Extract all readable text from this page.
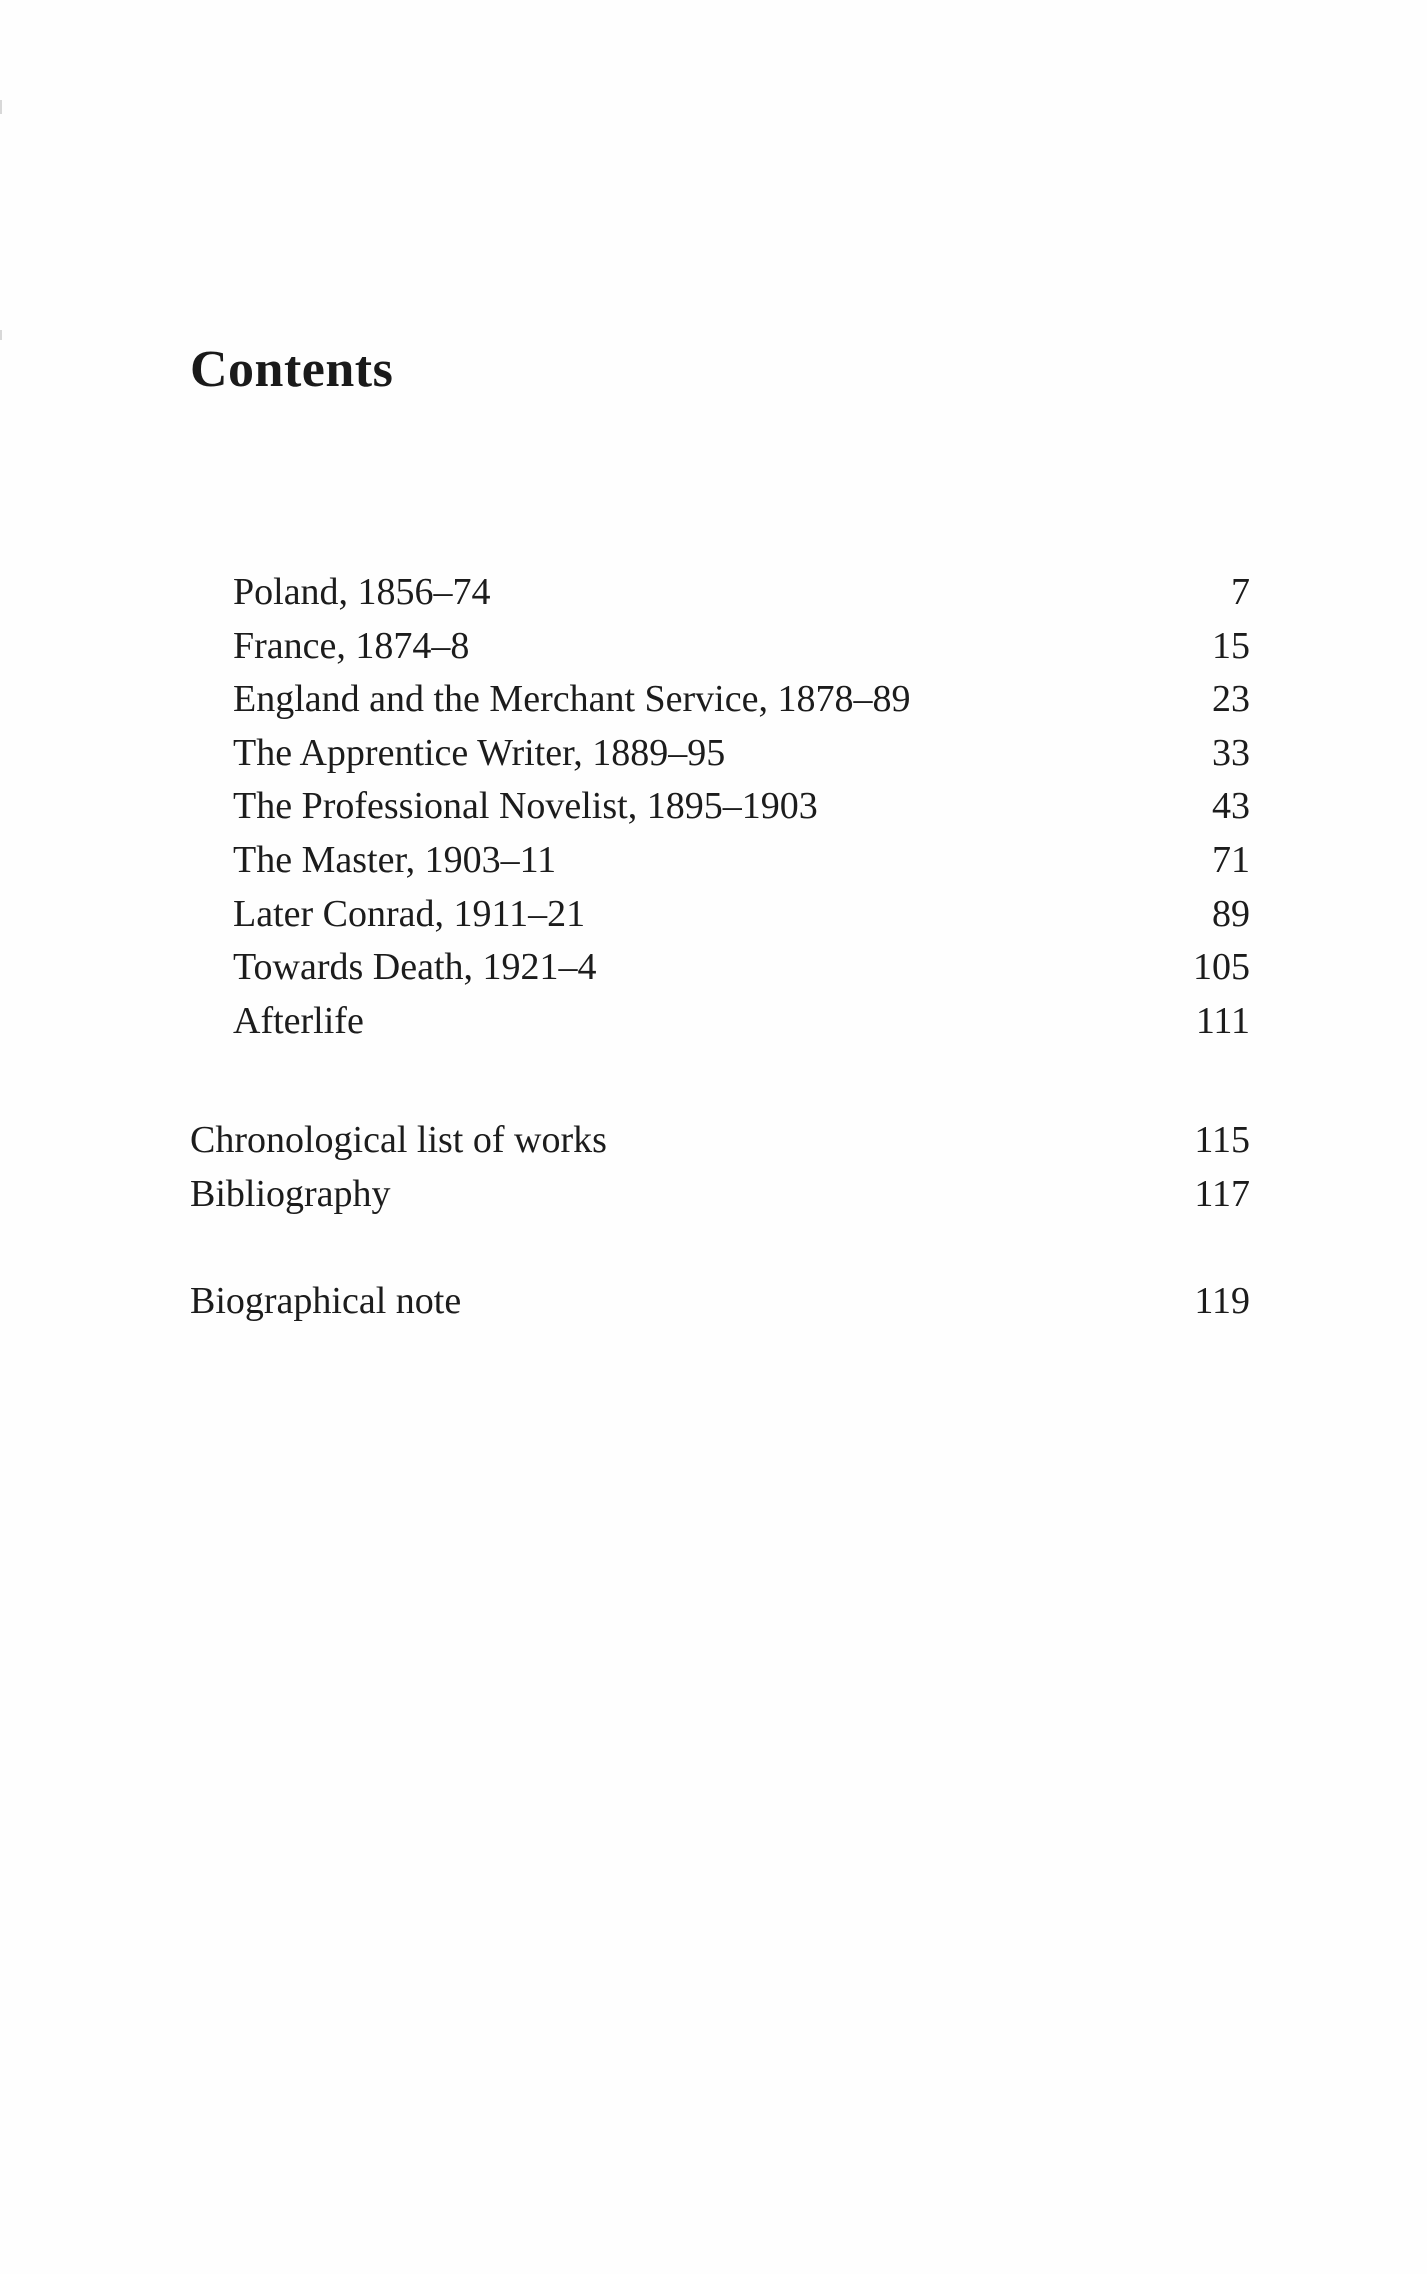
Contents
Poland, 1856–74	7
France, 1874–8	15
England and the Merchant Service, 1878–89	23
The Apprentice Writer, 1889–95	33
The Professional Novelist, 1895–1903	43
The Master, 1903–11	71
Later Conrad, 1911–21	89
Towards Death, 1921–4	105
Afterlife	111
Chronological list of works	115
Bibliography	117
Biographical note	119
